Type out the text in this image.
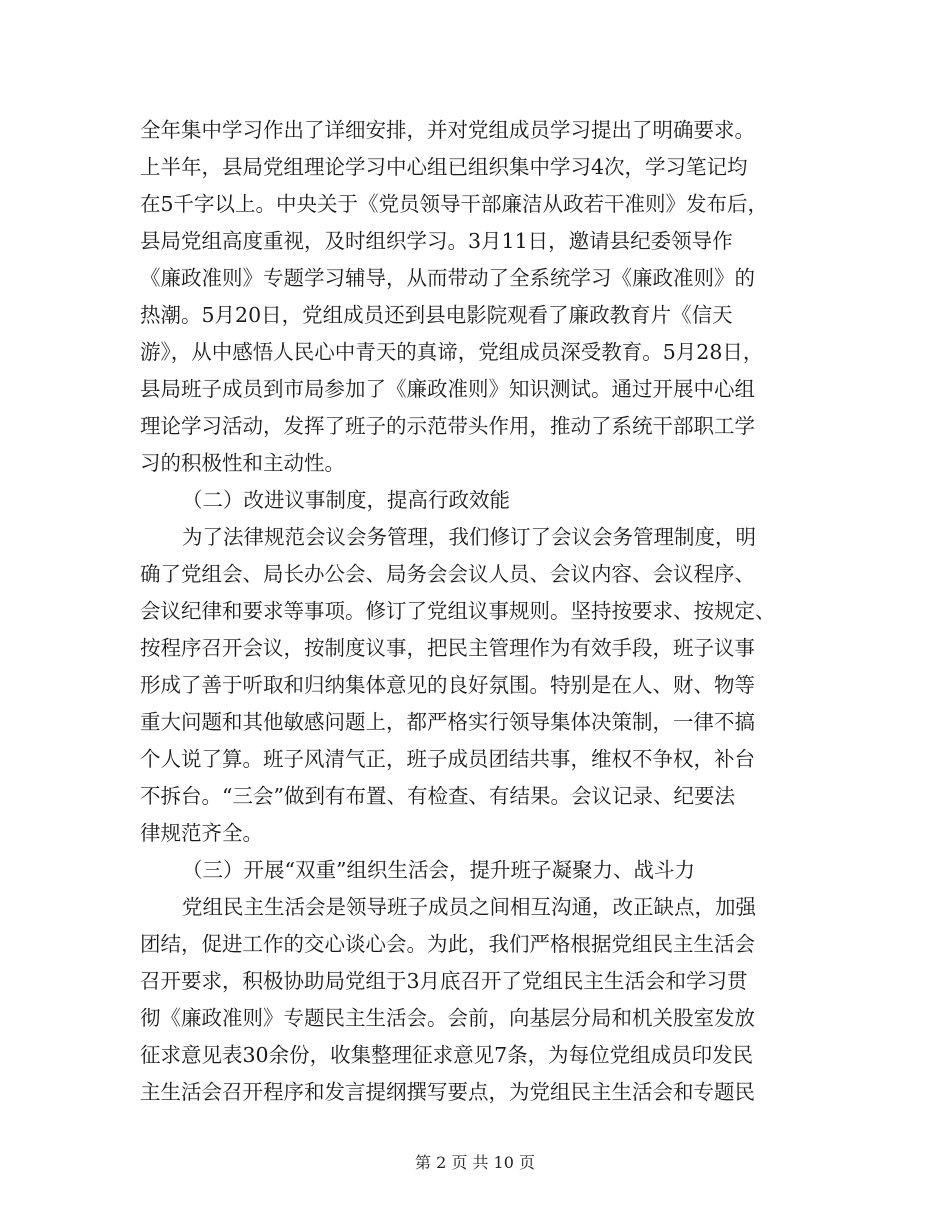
全年集中学习作出了详细安排，并对党组成员学习提出了明确要求。
上半年，县局党组理论学习中心组已组织集中学习4次，学习笔记均
在5千字以上。中央关于《党员领导干部廉洁从政若干准则》发布后，
县局党组高度重视，及时组织学习。3月11日，邀请县纪委领导作
《廉政准则》专题学习辅导，从而带动了全系统学习《廉政准则》的
热潮。5月20日，党组成员还到县电影院观看了廉政教育片《信天
游》，从中感悟人民心中青天的真谛，党组成员深受教育。5月28日，
县局班子成员到市局参加了《廉政准则》知识测试。通过开展中心组
理论学习活动，发挥了班子的示范带头作用，推动了系统干部职工学
习的积极性和主动性。
（二）改进议事制度，提高行政效能
为了法律规范会议会务管理，我们修订了会议会务管理制度，明
确了党组会、局长办公会、局务会会议人员、会议内容、会议程序、
会议纪律和要求等事项。修订了党组议事规则。坚持按要求、按规定、
按程序召开会议，按制度议事，把民主管理作为有效手段，班子议事
形成了善于听取和归纳集体意见的良好氛围。特别是在人、财、物等
重大问题和其他敏感问题上，都严格实行领导集体决策制，一律不搞
个人说了算。班子风清气正，班子成员团结共事，维权不争权，补台
不拆台。“三会”做到有布置、有检查、有结果。会议记录、纪要法
律规范齐全。
（三）开展“双重”组织生活会，提升班子凝聚力、战斗力
党组民主生活会是领导班子成员之间相互沟通，改正缺点，加强
团结，促进工作的交心谈心会。为此，我们严格根据党组民主生活会
召开要求，积极协助局党组于3月底召开了党组民主生活会和学习贯
彻《廉政准则》专题民主生活会。会前，向基层分局和机关股室发放
征求意见表30余份，收集整理征求意见7条，为每位党组成员印发民
主生活会召开程序和发言提纲撰写要点，为党组民主生活会和专题民
第 2 页 共 10 页
